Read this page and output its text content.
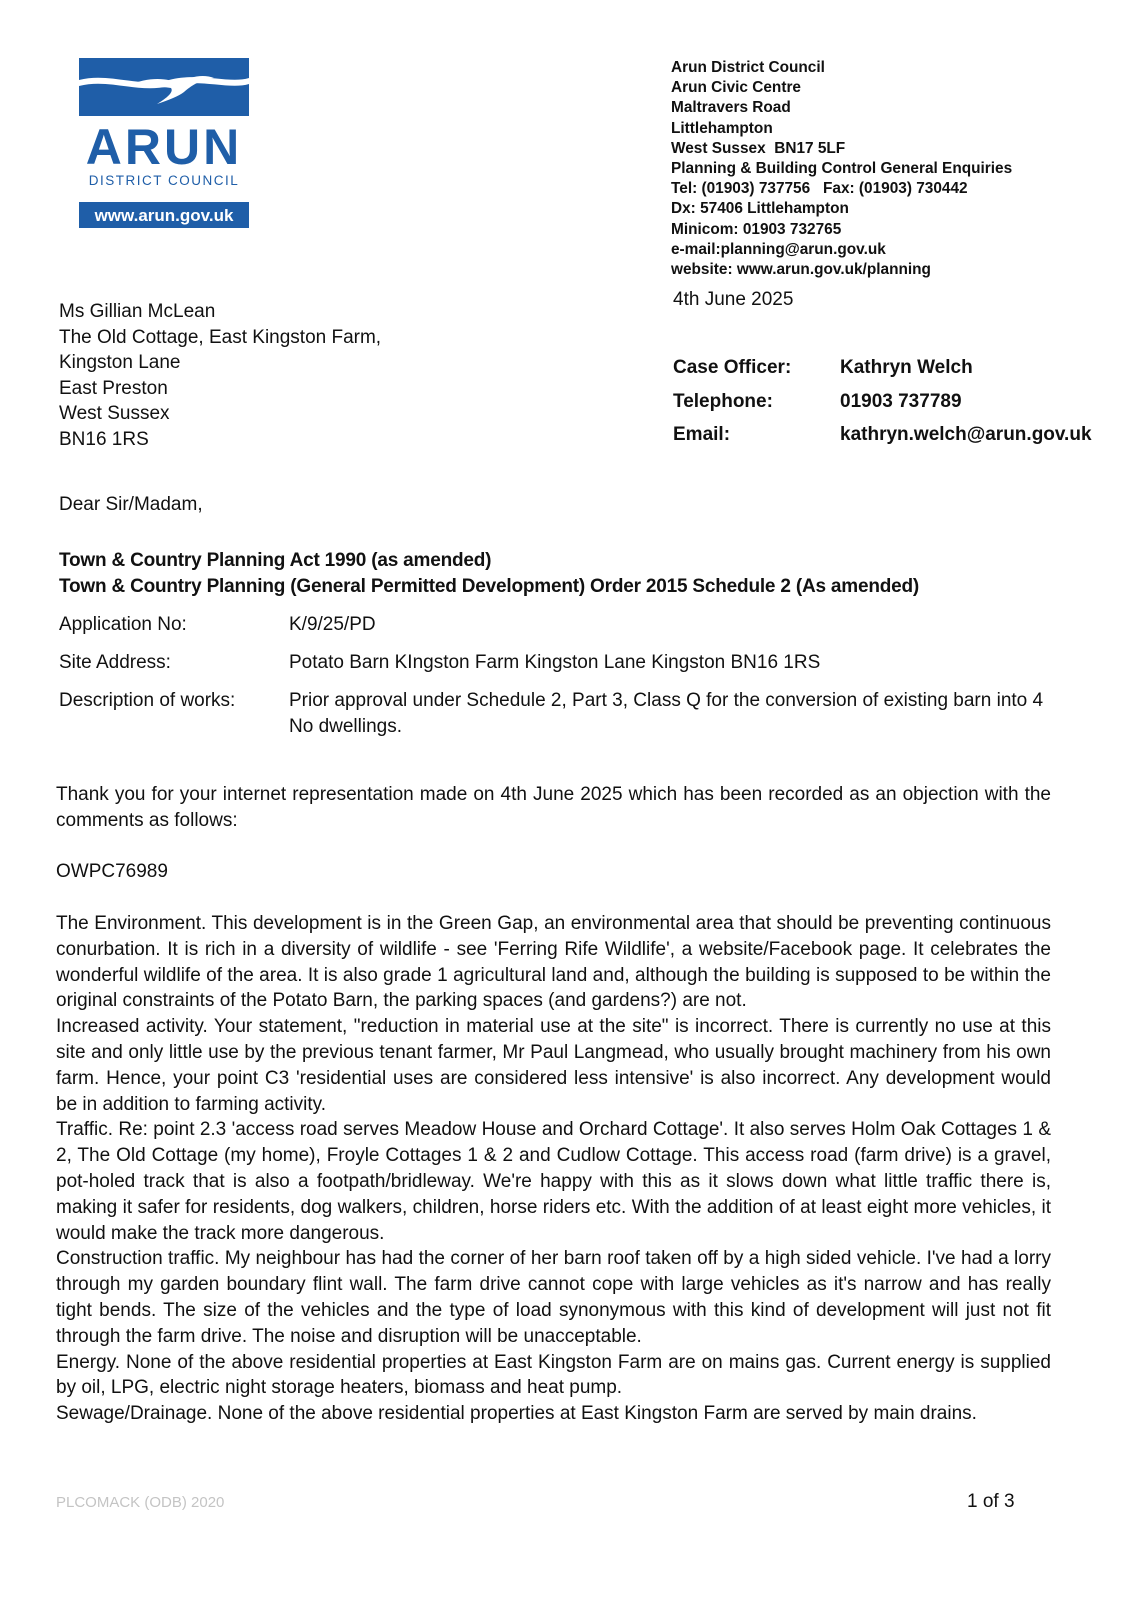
ARUN
DISTRICT COUNCIL
www.arun.gov.uk
Arun District Council
Arun Civic Centre
Maltravers Road
Littlehampton
West Sussex  BN17 5LF
Planning & Building Control General Enquiries
Tel: (01903) 737756   Fax: (01903) 730442
Dx: 57406 Littlehampton
Minicom: 01903 732765
e-mail:planning@arun.gov.uk
website: www.arun.gov.uk/planning
4th June 2025
Ms Gillian McLean
The Old Cottage, East Kingston Farm,
Kingston Lane
East Preston
West Sussex
BN16 1RS
Case Officer:	Kathryn Welch
Telephone:	01903 737789
Email:	kathryn.welch@arun.gov.uk
Dear Sir/Madam,
Town & Country Planning Act 1990 (as amended)
Town & Country Planning (General Permitted Development) Order 2015 Schedule 2 (As amended)
Application No:	K/9/25/PD
Site Address:	Potato Barn KIngston Farm Kingston Lane Kingston BN16 1RS
Description of works:	Prior approval under Schedule 2, Part 3, Class Q for the conversion of existing barn into 4 No dwellings.

Thank you for your internet representation made on 4th June 2025 which has been recorded as an objection with the comments as follows:

OWPC76989

The Environment. This development is in the Green Gap, an environmental area that should be preventing continuous conurbation. It is rich in a diversity of wildlife - see 'Ferring Rife Wildlife', a website/Facebook page. It celebrates the wonderful wildlife of the area. It is also grade 1 agricultural land and, although the building is supposed to be within the original constraints of the Potato Barn, the parking spaces (and gardens?) are not.

Increased activity. Your statement, "reduction in material use at the site" is incorrect. There is currently no use at this site and only little use by the previous tenant farmer, Mr Paul Langmead, who usually brought machinery from his own farm. Hence, your point C3 'residential uses are considered less intensive' is also incorrect. Any development would be in addition to farming activity.

Traffic. Re: point 2.3 'access road serves Meadow House and Orchard Cottage'. It also serves Holm Oak Cottages 1 & 2, The Old Cottage (my home), Froyle Cottages 1 & 2 and Cudlow Cottage. This access road (farm drive) is a gravel, pot-holed track that is also a footpath/bridleway. We're happy with this as it slows down what little traffic there is, making it safer for residents, dog walkers, children, horse riders etc. With the addition of at least eight more vehicles, it would make the track more dangerous.

Construction traffic. My neighbour has had the corner of her barn roof taken off by a high sided vehicle. I've had a lorry through my garden boundary flint wall. The farm drive cannot cope with large vehicles as it's narrow and has really tight bends. The size of the vehicles and the type of load synonymous with this kind of development will just not fit through the farm drive. The noise and disruption will be unacceptable.

Energy. None of the above residential properties at East Kingston Farm are on mains gas. Current energy is supplied by oil, LPG, electric night storage heaters, biomass and heat pump.

Sewage/Drainage. None of the above residential properties at East Kingston Farm are served by main drains.

PLCOMACK (ODB) 2020	1 of 3
